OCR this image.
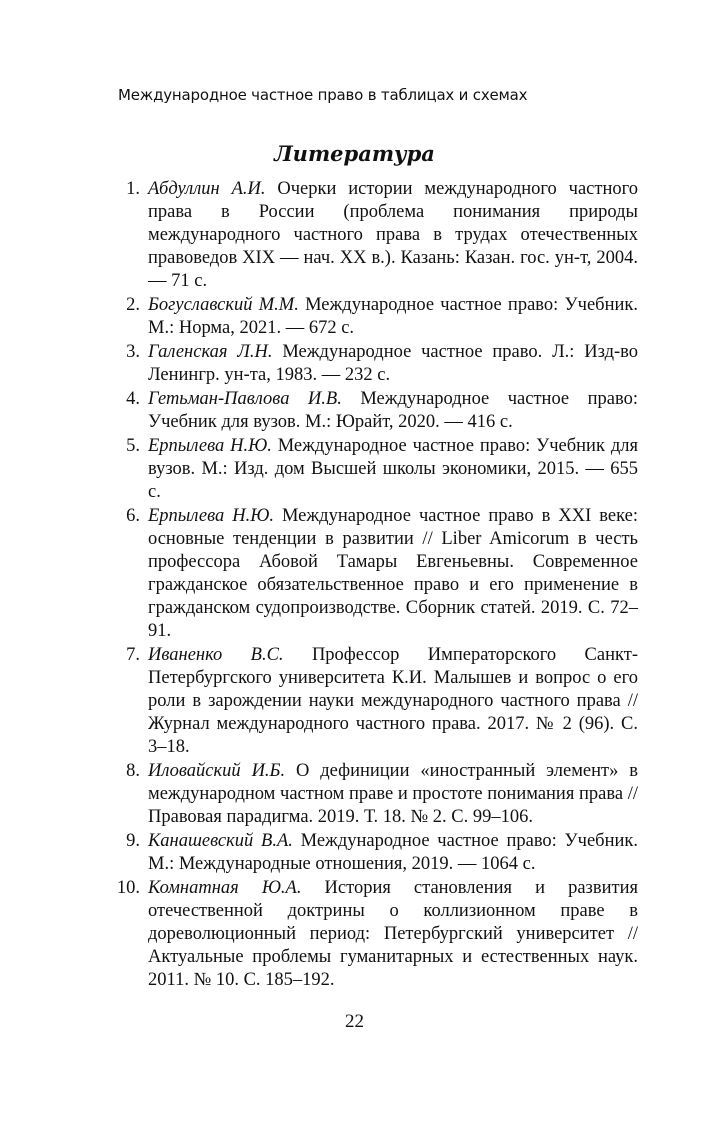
Международное частное право в таблицах и схемах
Литература
1. Абдуллин А.И. Очерки истории международного частного права в России (проблема понимания природы международного частного права в трудах отечественных правоведов XIX — нач. XX в.). Казань: Казан. гос. ун-т, 2004. — 71 с.
2. Богуславский М.М. Международное частное право: Учебник. М.: Норма, 2021. — 672 с.
3. Галенская Л.Н. Международное частное право. Л.: Изд-во Ленингр. ун-та, 1983. — 232 с.
4. Гетьман-Павлова И.В. Международное частное право: Учебник для вузов. М.: Юрайт, 2020. — 416 с.
5. Ерпылева Н.Ю. Международное частное право: Учебник для вузов. М.: Изд. дом Высшей школы экономики, 2015. — 655 с.
6. Ерпылева Н.Ю. Международное частное право в XXI веке: основные тенденции в развитии // Liber Amicorum в честь профессора Абовой Тамары Евгеньевны. Современное гражданское обязательственное право и его применение в гражданском судопроизводстве. Сборник статей. 2019. С. 72–91.
7. Иваненко В.С. Профессор Императорского Санкт-Петербургского университета К.И. Малышев и вопрос о его роли в зарождении науки международного частного права // Журнал международного частного права. 2017. № 2 (96). С. 3–18.
8. Иловайский И.Б. О дефиниции «иностранный элемент» в международном частном праве и простоте понимания права // Правовая парадигма. 2019. Т. 18. № 2. С. 99–106.
9. Канашевский В.А. Международное частное право: Учебник. М.: Международные отношения, 2019. — 1064 с.
10. Комнатная Ю.А. История становления и развития отечественной доктрины о коллизионном праве в дореволюционный период: Петербургский университет // Актуальные проблемы гуманитарных и естественных наук. 2011. № 10. С. 185–192.
22
